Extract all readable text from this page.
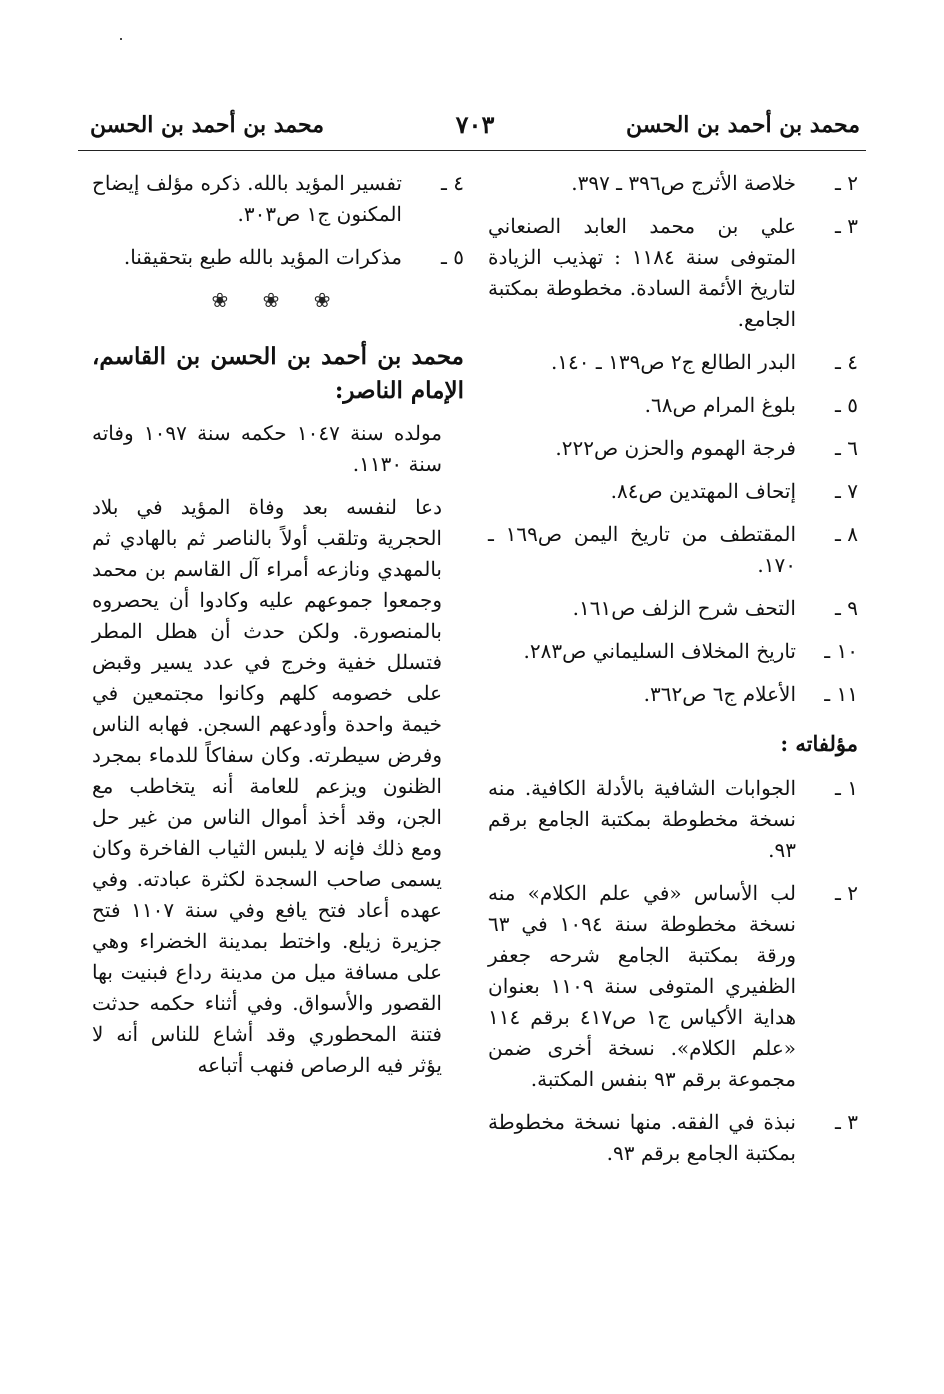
محمد بن أحمد بن الحسن
٧٠٣
محمد بن أحمد بن الحسن
٢ ـ
خلاصة الأثرج ص٣٩٦ ـ ٣٩٧.
٣ ـ
علي بن محمد العابد الصنعاني المتوفى سنة ١١٨٤ : تهذيب الزيادة لتاريخ الأئمة السادة. مخطوطة بمكتبة الجامع.
٤ ـ
البدر الطالع ج٢ ص١٣٩ ـ ١٤٠.
٥ ـ
بلوغ المرام ص٦٨.
٦ ـ
فرجة الهموم والحزن ص٢٢٢.
٧ ـ
إتحاف المهتدين ص٨٤.
٨ ـ
المقتطف من تاريخ اليمن ص١٦٩ ـ ١٧٠.
٩ ـ
التحف شرح الزلف ص١٦١.
١٠ ـ
تاريخ المخلاف السليماني ص٢٨٣.
١١ ـ
الأعلام ج٦ ص٣٦٢.
مؤلفاته :
١ ـ
الجوابات الشافية بالأدلة الكافية. منه نسخة مخطوطة بمكتبة الجامع برقم ٩٣.
٢ ـ
لب الأساس «في علم الكلام» منه نسخة مخطوطة سنة ١٠٩٤ في ٦٣ ورقة بمكتبة الجامع شرحه جعفر الظفيري المتوفى سنة ١١٠٩ بعنوان هداية الأكياس ج١ ص٤١٧ برقم ١١٤ «علم الكلام». نسخة أخرى ضمن مجموعة برقم ٩٣ بنفس المكتبة.
٣ ـ
نبذة في الفقه. منها نسخة مخطوطة بمكتبة الجامع برقم ٩٣.
٤ ـ
تفسير المؤيد بالله. ذكره مؤلف إيضاح المكنون ج١ ص٣٠٣.
٥ ـ
مذكرات المؤيد بالله طبع بتحقيقنا.
❀ ❀ ❀
محمد بن أحمد بن الحسن بن القاسم، الإمام الناصر:

مولده سنة ١٠٤٧ حكمه سنة ١٠٩٧ وفاته سنة ١١٣٠.

دعا لنفسه بعد وفاة المؤيد في بلاد الحجرية وتلقب أولاً بالناصر ثم بالهادي ثم بالمهدي ونازعه أمراء آل القاسم بن محمد وجمعوا جموعهم عليه وكادوا أن يحصروه بالمنصورة. ولكن حدث أن هطل المطر فتسلل خفية وخرج في عدد يسير وقبض على خصومه كلهم وكانوا مجتمعين في خيمة واحدة وأودعهم السجن. فهابه الناس وفرض سيطرته. وكان سفاكاً للدماء بمجرد الظنون ويزعم للعامة أنه يتخاطب مع الجن، وقد أخذ أموال الناس من غير حل ومع ذلك فإنه لا يلبس الثياب الفاخرة وكان يسمى صاحب السجدة لكثرة عبادته. وفي عهده أعاد فتح يافع وفي سنة ١١٠٧ فتح جزيرة زيلع. واختط بمدينة الخضراء وهي على مسافة ميل من مدينة رداع فبنيت بها القصور والأسواق. وفي أثناء حكمه حدثت فتنة المحطوري وقد أشاع للناس أنه لا يؤثر فيه الرصاص فنهب أتباعه
